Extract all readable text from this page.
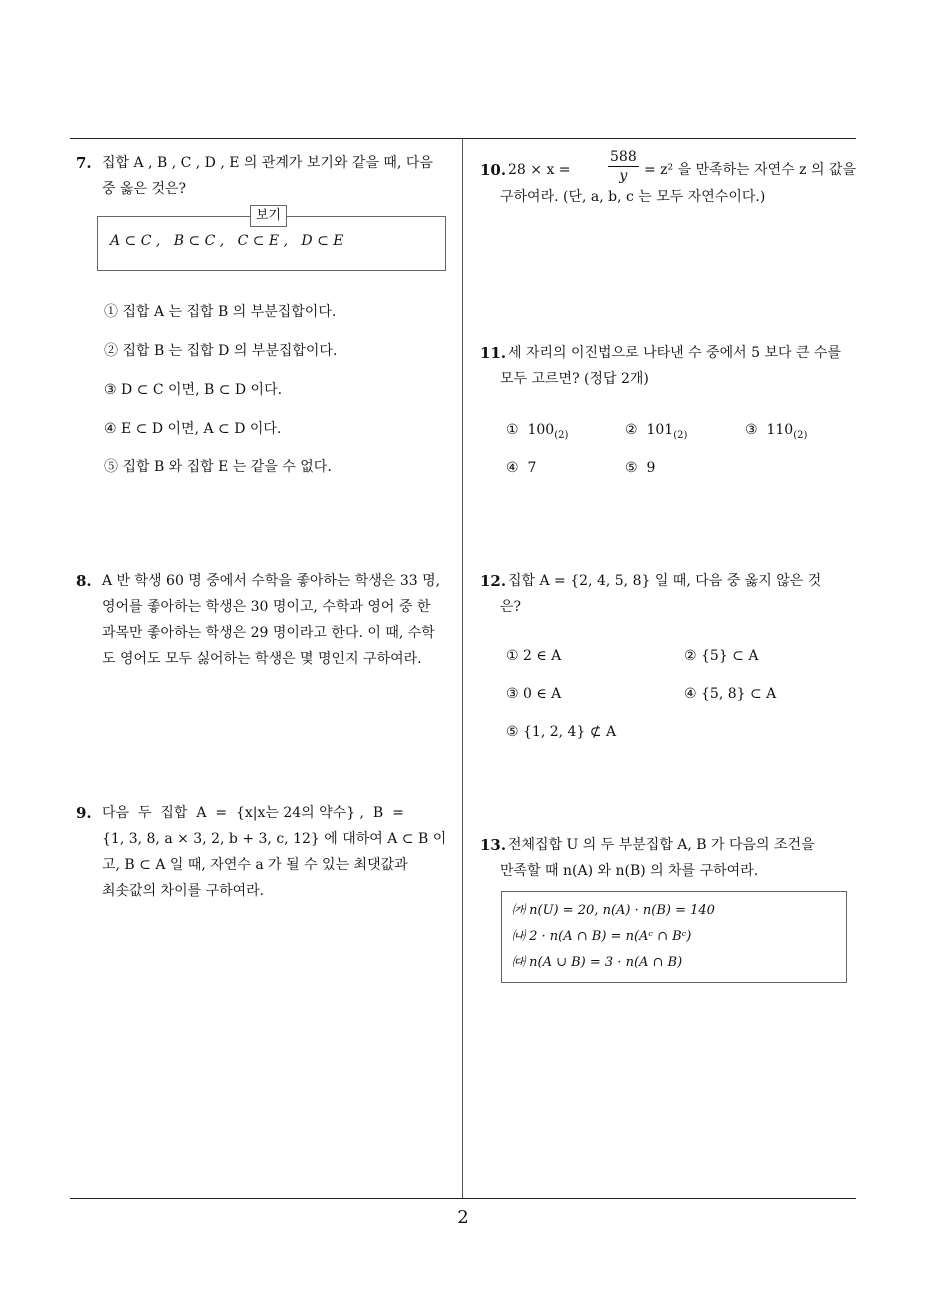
7. 집합 A , B , C , D , E 의 관계가 보기와 같을 때, 다음
중 옳은 것은?
A ⊂ C ,   B ⊂ C ,   C ⊂ E ,   D ⊂ E
보기
① 집합 A 는 집합 B 의 부분집합이다.
② 집합 B 는 집합 D 의 부분집합이다.
③ D ⊂ C 이면, B ⊂ D 이다.
④ E ⊂ D 이면, A ⊂ D 이다.
⑤ 집합 B 와 집합 E 는 같을 수 없다.
8. A 반 학생 60 명 중에서 수학을 좋아하는 학생은 33 명,
영어를 좋아하는 학생은 30 명이고, 수학과 영어 중 한
과목만 좋아하는 학생은 29 명이라고 한다. 이 때, 수학
도 영어도 모두 싫어하는 학생은 몇 명인지 구하여라.
9. 다음  두  집합  A  =  {x|x는 24의 약수} ,  B  =
{1, 3, 8, a × 3, 2, b + 3, c, 12} 에 대하여 A ⊂ B 이
고, B ⊂ A 일 때, 자연수 a 가 될 수 있는 최댓값과
최솟값의 차이를 구하여라.
10. 28 × x =	$\frac{588}{y} = z^2$ 을 만족하는 자연수 z 의 값을
구하여라. (단, a, b, c 는 모두 자연수이다.)
11. 세 자리의 이진법으로 나타낸 수 중에서 5 보다 큰 수를
모두 고르면? (정답 2개)
① $100_{(2)}$	② $101_{(2)}$	③ $110_{(2)}$
④ 7	⑤ 9
12. 집합 A = {2, 4, 5, 8} 일 때, 다음 중 옳지 않은 것
은?
① 2 ∈ A	② {5} ⊂ A
③ 0 ∈ A	④ {5, 8} ⊂ A
⑤ {1, 2, 4} ⊄ A
13. 전체집합 U 의 두 부분집합 A, B 가 다음의 조건을
만족할 때 n(A) 와 n(B) 의 차를 구하여라.
㈎ n(U) = 20, n(A) · n(B) = 140
㈏ 2 · n(A ∩ B) = n(Aᶜ ∩ Bᶜ)
㈐ n(A ∪ B) = 3 · n(A ∩ B)
2
